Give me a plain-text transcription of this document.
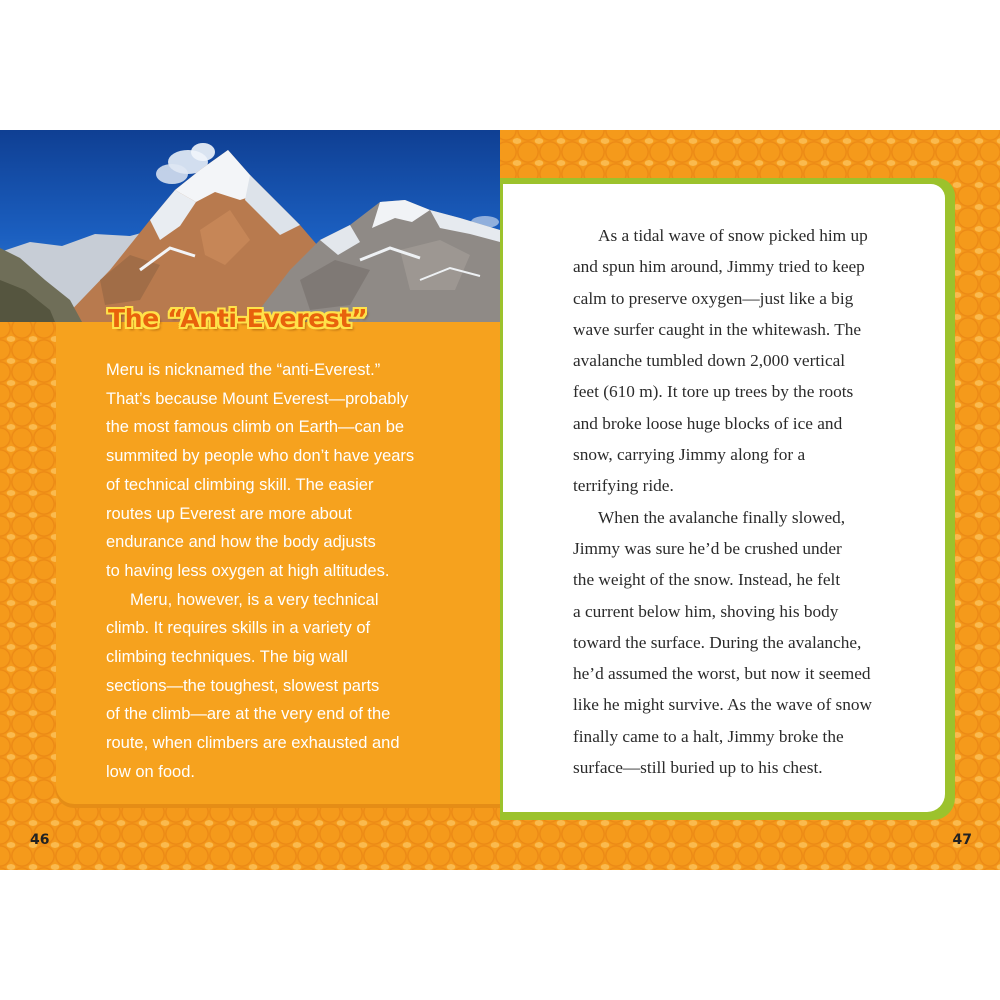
The “Anti-Everest”
Meru is nicknamed the “anti-Everest.”
That’s because Mount Everest—probably
the most famous climb on Earth—can be
summited by people who don’t have years
of technical climbing skill. The easier
routes up Everest are more about
endurance and how the body adjusts
to having less oxygen at high altitudes.
Meru, however, is a very technical
climb. It requires skills in a variety of
climbing techniques. The big wall
sections—the toughest, slowest parts
of the climb—are at the very end of the
route, when climbers are exhausted and
low on food.
As a tidal wave of snow picked him up
and spun him around, Jimmy tried to keep
calm to preserve oxygen—just like a big
wave surfer caught in the whitewash. The
avalanche tumbled down 2,000 vertical
feet (610 m). It tore up trees by the roots
and broke loose huge blocks of ice and
snow, carrying Jimmy along for a
terrifying ride.
When the avalanche finally slowed,
Jimmy was sure he’d be crushed under
the weight of the snow. Instead, he felt
a current below him, shoving his body
toward the surface. During the avalanche,
he’d assumed the worst, but now it seemed
like he might survive. As the wave of snow
finally came to a halt, Jimmy broke the
surface—still buried up to his chest.
46	47
